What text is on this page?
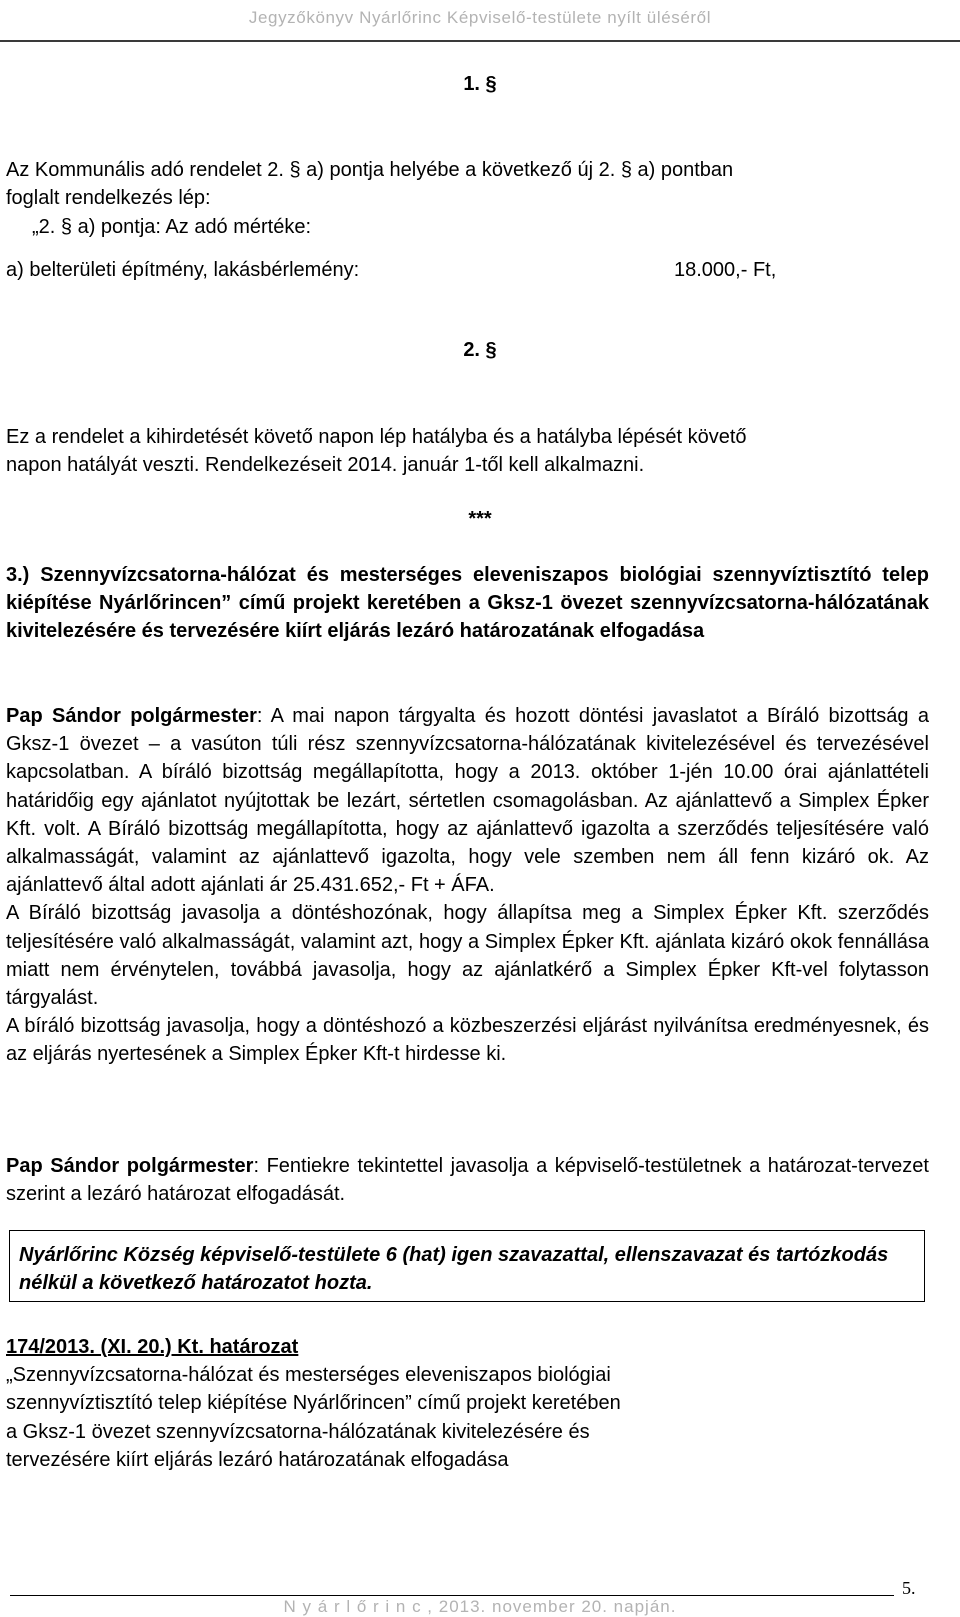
Jegyzőkönyv Nyárlőrinc Képviselő-testülete nyílt üléséről
1. §
Az Kommunális adó rendelet 2. § a) pontja helyébe a következő új 2. § a) pontban
foglalt rendelkezés lép:
„2. § a) pontja: Az adó mértéke:
a) belterületi építmény, lakásbérlemény:	18.000,- Ft,
2. §
Ez a rendelet a kihirdetését követő napon lép hatályba és a hatályba lépését követő
napon hatályát veszti. Rendelkezéseit 2014. január 1-től kell alkalmazni.
***
3.) Szennyvízcsatorna-hálózat és mesterséges eleveniszapos biológiai szennyvíztisztító telep kiépítése Nyárlőrincen” című projekt keretében a Gksz-1 övezet szennyvízcsatorna-hálózatának kivitelezésére és tervezésére kiírt eljárás lezáró határozatának elfogadása

Pap Sándor polgármester: A mai napon tárgyalta és hozott döntési javaslatot a Bíráló bizottság a Gksz-1 övezet – a vasúton túli rész szennyvízcsatorna-hálózatának kivitelezésével és tervezésével kapcsolatban. A bíráló bizottság megállapította, hogy a 2013. október 1-jén 10.00 órai ajánlattételi határidőig egy ajánlatot nyújtottak be lezárt, sértetlen csomagolásban. Az ajánlattevő a Simplex Épker Kft. volt. A Bíráló bizottság megállapította, hogy az ajánlattevő igazolta a szerződés teljesítésére való alkalmasságát, valamint az ajánlattevő igazolta, hogy vele szemben nem áll fenn kizáró ok. Az ajánlattevő által adott ajánlati ár 25.431.652,- Ft + ÁFA.

A Bíráló bizottság javasolja a döntéshozónak, hogy állapítsa meg a Simplex Épker Kft. szerződés teljesítésére való alkalmasságát, valamint azt, hogy a Simplex Épker Kft. ajánlata kizáró okok fennállása miatt nem érvénytelen, továbbá javasolja, hogy az ajánlatkérő a Simplex Épker Kft-vel folytasson tárgyalást.

A bíráló bizottság javasolja, hogy a döntéshozó a közbeszerzési eljárást nyilvánítsa eredményesnek, és az eljárás nyertesének a Simplex Épker Kft-t hirdesse ki.

Pap Sándor polgármester: Fentiekre tekintettel javasolja a képviselő-testületnek a határozat-tervezet szerint a lezáró határozat elfogadását.

Nyárlőrinc Község képviselő-testülete 6 (hat) igen szavazattal, ellenszavazat és tartózkodás nélkül a következő határozatot hozta.
174/2013. (XI. 20.) Kt. határozat
„Szennyvízcsatorna-hálózat és mesterséges eleveniszapos biológiai
szennyvíztisztító telep kiépítése Nyárlőrincen” című projekt keretében
a Gksz-1 övezet szennyvízcsatorna-hálózatának kivitelezésére és
tervezésére kiírt eljárás lezáró határozatának elfogadása
5.
N y á r l ő r i n c , 2013. november 20. napján.
